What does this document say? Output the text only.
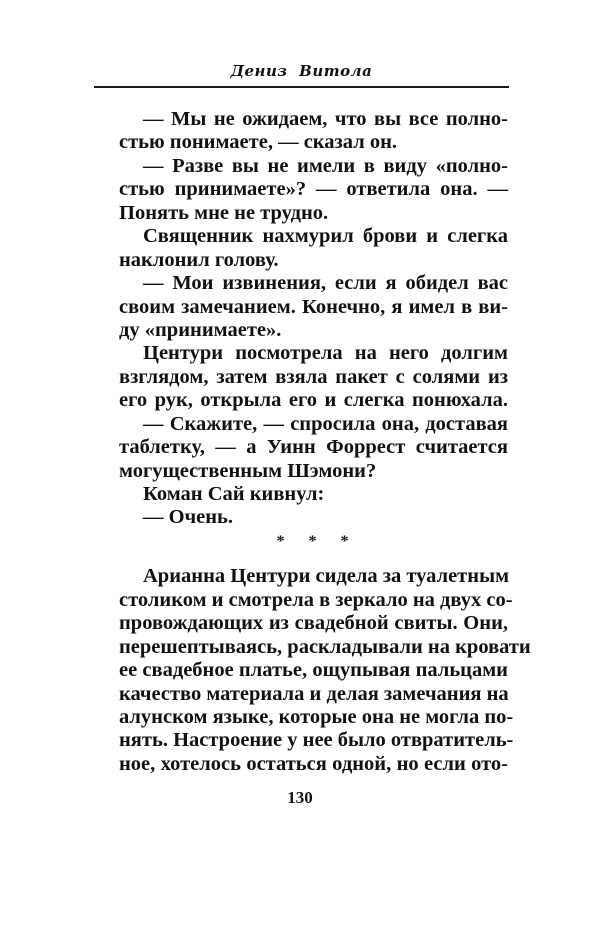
Дениз Витола
— Мы не ожидаем, что вы все полно-
стью понимаете, — сказал он.
— Разве вы не имели в виду «полно-
стью принимаете»? — ответила она. —
Понять мне не трудно.
Священник нахмурил брови и слегка
наклонил голову.
— Мои извинения, если я обидел вас
своим замечанием. Конечно, я имел в ви-
ду «принимаете».
Центури посмотрела на него долгим
взглядом, затем взяла пакет с солями из
его рук, открыла его и слегка понюхала.
— Скажите, — спросила она, доставая
таблетку, — а Уинн Форрест считается
могущественным Шэмони?
Коман Сай кивнул:
— Очень.
* * *
Арианна Центури сидела за туалетным
столиком и смотрела в зеркало на двух со-
провождающих из свадебной свиты. Они,
перешептываясь, раскладывали на кровати
ее свадебное платье, ощупывая пальцами
качество материала и делая замечания на
алунском языке, которые она не могла по-
нять. Настроение у нее было отвратитель-
ное, хотелось остаться одной, но если ото-
130
